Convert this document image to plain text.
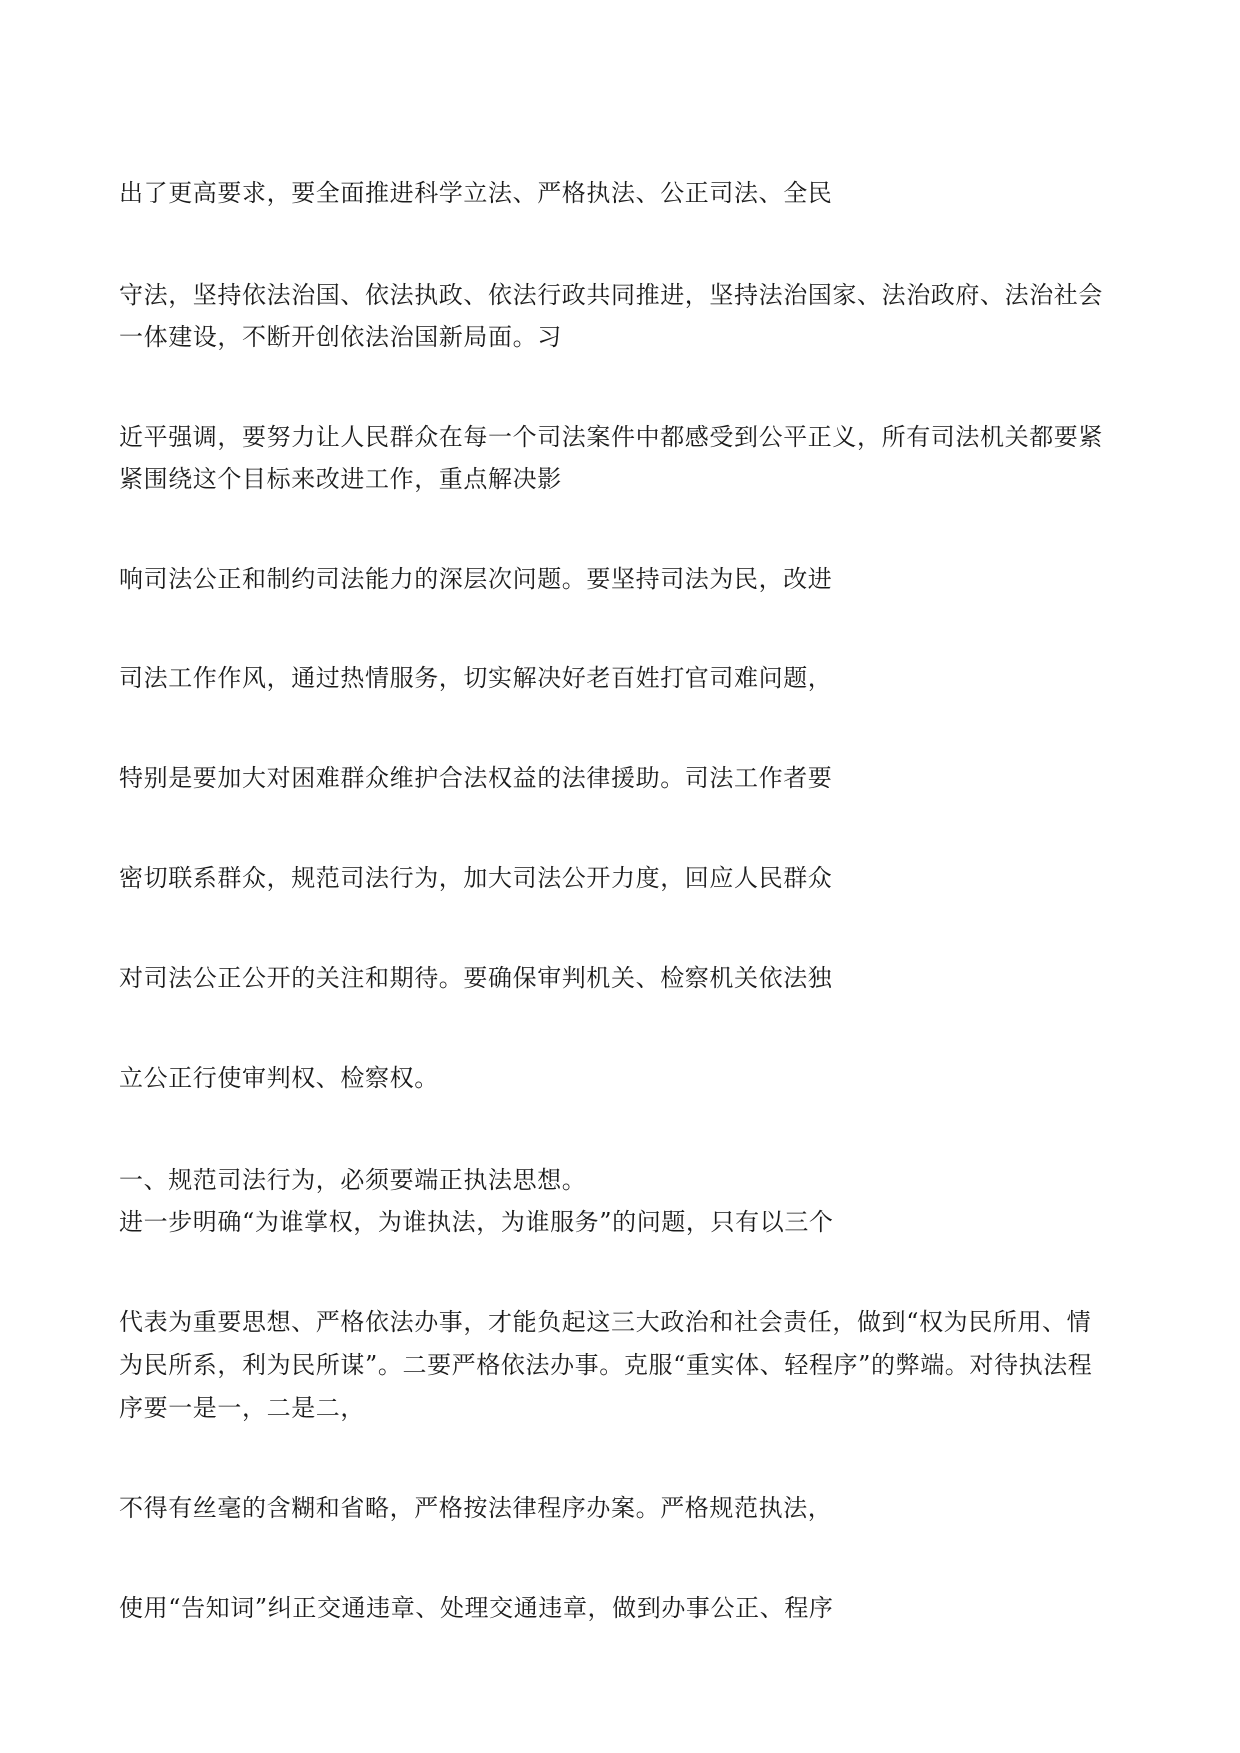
出了更高要求，要全面推进科学立法、严格执法、公正司法、全民
守法，坚持依法治国、依法执政、依法行政共同推进，坚持法治国家、法治政府、法治社会
一体建设，不断开创依法治国新局面。习
近平强调，要努力让人民群众在每一个司法案件中都感受到公平正义，所有司法机关都要紧
紧围绕这个目标来改进工作，重点解决影
响司法公正和制约司法能力的深层次问题。要坚持司法为民，改进
司法工作作风，通过热情服务，切实解决好老百姓打官司难问题，
特别是要加大对困难群众维护合法权益的法律援助。司法工作者要
密切联系群众，规范司法行为，加大司法公开力度，回应人民群众
对司法公正公开的关注和期待。要确保审判机关、检察机关依法独
立公正行使审判权、检察权。
一、规范司法行为，必须要端正执法思想。
进一步明确“为谁掌权，为谁执法，为谁服务”的问题，只有以三个
代表为重要思想、严格依法办事，才能负起这三大政治和社会责任，做到“权为民所用、情
为民所系，利为民所谋”。二要严格依法办事。克服“重实体、轻程序”的弊端。对待执法程
序要一是一，二是二，
不得有丝毫的含糊和省略，严格按法律程序办案。严格规范执法，
使用“告知词”纠正交通违章、处理交通违章，做到办事公正、程序
